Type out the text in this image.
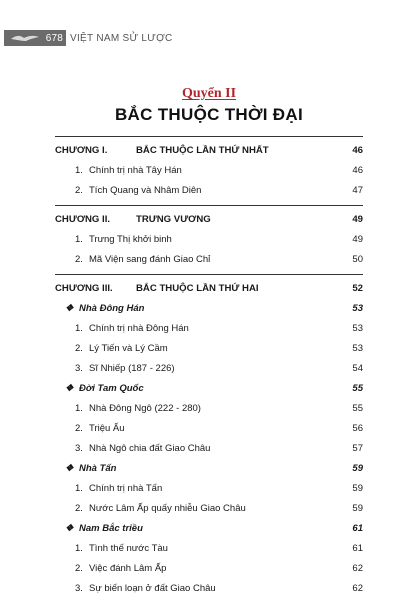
678 VIỆT NAM SỬ LƯỢC
Quyển II
BẮC THUỘC THỜI ĐẠI
CHƯƠNG I.	BẮC THUỘC LẦN THỨ NHẤT	46
1. Chính trị nhà Tây Hán	46
2. Tích Quang và Nhâm Diên	47
CHƯƠNG II.	TRƯNG VƯƠNG	49
1. Trưng Thị khởi binh	49
2. Mã Viện sang đánh Giao Chỉ	50
CHƯƠNG III.	BẮC THUỘC LẦN THỨ HAI	52
❖ Nhà Đông Hán	53
1. Chính trị nhà Đông Hán	53
2. Lý Tiến và Lý Cầm	53
3. Sĩ Nhiếp (187 - 226)	54
❖ Đời Tam Quốc	55
1. Nhà Đông Ngô (222 - 280)	55
2. Triệu Ẩu	56
3. Nhà Ngô chia đất Giao Châu	57
❖ Nhà Tấn	59
1. Chính trị nhà Tấn	59
2. Nước Lâm Ấp quấy nhiễu Giao Châu	59
❖ Nam Bắc triều	61
1. Tình thế nước Tàu	61
2. Việc đánh Lâm Ấp	62
3. Sự biến loạn ở đất Giao Châu	62
